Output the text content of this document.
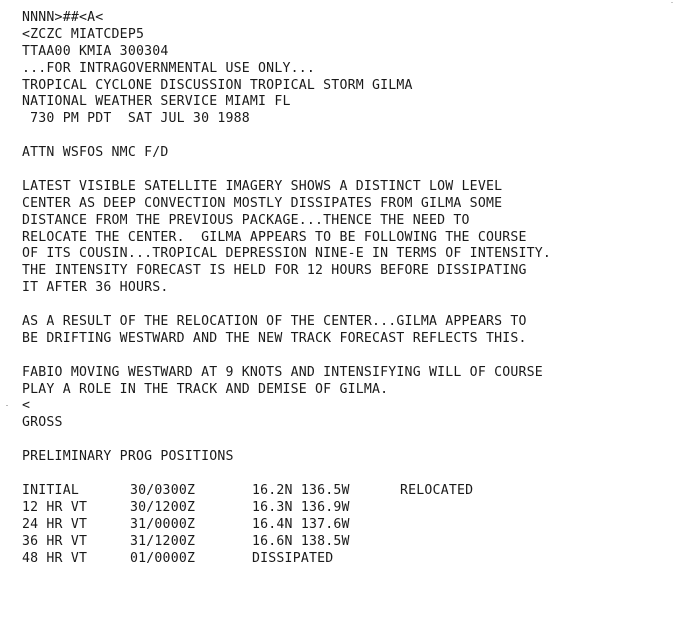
NNNN>##<A<
<ZCZC MIATCDEP5
TTAA00 KMIA 300304
...FOR INTRAGOVERNMENTAL USE ONLY...
TROPICAL CYCLONE DISCUSSION TROPICAL STORM GILMA
NATIONAL WEATHER SERVICE MIAMI FL
730 PM PDT  SAT JUL 30 1988
ATTN WSFOS NMC F/D
LATEST VISIBLE SATELLITE IMAGERY SHOWS A DISTINCT LOW LEVEL
CENTER AS DEEP CONVECTION MOSTLY DISSIPATES FROM GILMA SOME
DISTANCE FROM THE PREVIOUS PACKAGE...THENCE THE NEED TO
RELOCATE THE CENTER.  GILMA APPEARS TO BE FOLLOWING THE COURSE
OF ITS COUSIN...TROPICAL DEPRESSION NINE-E IN TERMS OF INTENSITY.
THE INTENSITY FORECAST IS HELD FOR 12 HOURS BEFORE DISSIPATING
IT AFTER 36 HOURS.
AS A RESULT OF THE RELOCATION OF THE CENTER...GILMA APPEARS TO
BE DRIFTING WESTWARD AND THE NEW TRACK FORECAST REFLECTS THIS.
FABIO MOVING WESTWARD AT 9 KNOTS AND INTENSIFYING WILL OF COURSE
PLAY A ROLE IN THE TRACK AND DEMISE OF GILMA.
<
GROSS
PRELIMINARY PROG POSITIONS
INITIAL	30/0300Z	16.2N 136.5W	RELOCATED
12 HR VT	30/1200Z	16.3N 136.9W
24 HR VT	31/0000Z	16.4N 137.6W
36 HR VT	31/1200Z	16.6N 138.5W
48 HR VT	01/0000Z	DISSIPATED
